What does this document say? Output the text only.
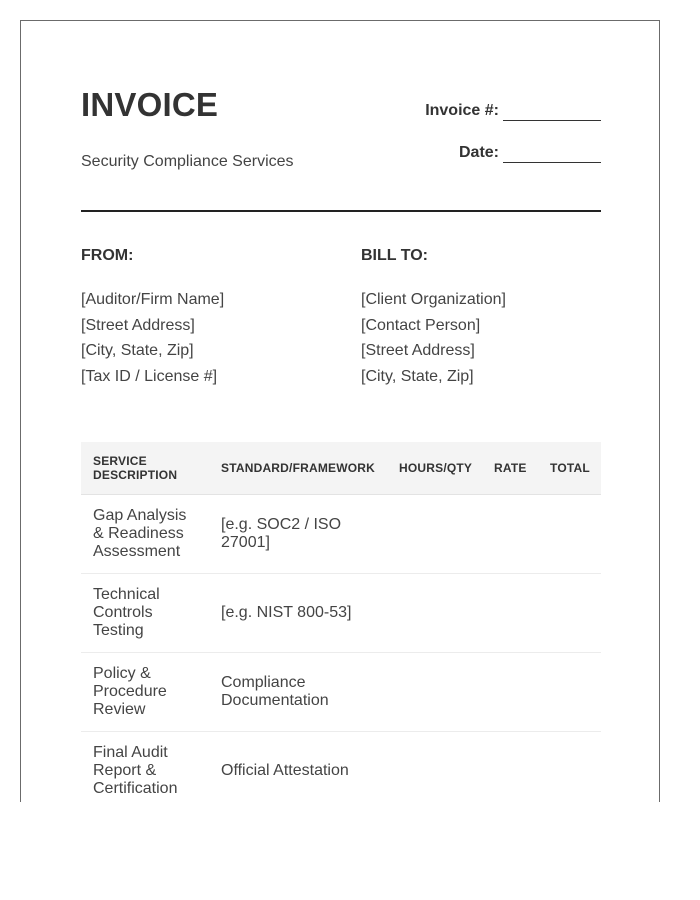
INVOICE
Security Compliance Services
Invoice #:
Date:
FROM:
[Auditor/Firm Name]
[Street Address]
[City, State, Zip]
[Tax ID / License #]
BILL TO:
[Client Organization]
[Contact Person]
[Street Address]
[City, State, Zip]
SERVICE DESCRIPTION	STANDARD/FRAMEWORK	HOURS/QTY	RATE	TOTAL

Gap Analysis & Readiness Assessment	[e.g. SOC2 / ISO 27001]			

Technical Controls Testing	[e.g. NIST 800-53]			

Policy & Procedure Review	Compliance Documentation			

Final Audit Report & Certification	Official Attestation			
